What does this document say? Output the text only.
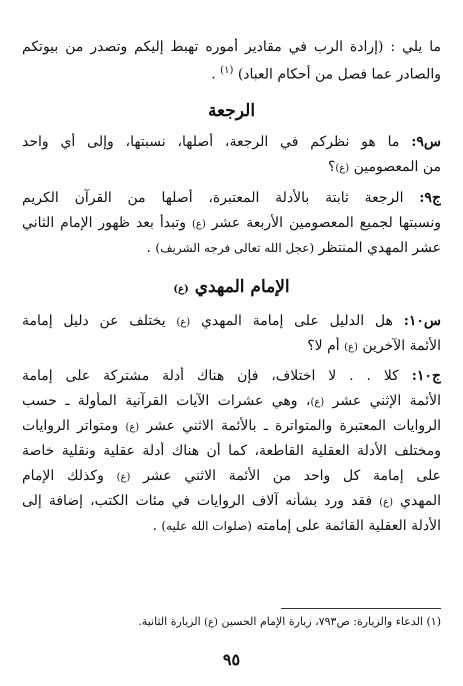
ما يلي : (إرادة الرب في مقادير أموره تهبط إليكم وتصدر من بيوتكم
والصادر عما فصل من أحكام العباد) $^{(١)}$ .
الرجعة
س٩: ما هو نظركم في الرجعة، أصلها، نسبتها، وإلى أي واحد
من المعصومين (ع)؟
ج٩: الرجعة ثابتة بالأدلة المعتبرة، أصلها من القرآن الكريم
ونسبتها لجميع المعصومين الأربعة عشر (ع) وتبدأ بعد ظهور الإمام الثاني
عشر المهدي المنتظر (عجل الله تعالى فرجه الشريف) .
الإمام المهدي (ع)
س١٠: هل الدليل على إمامة المهدي (ع) يختلف عن دليل إمامة
الأئمة الآخرين (ع) أم لا؟
ج١٠: كلا . . لا اختلاف، فإن هناك أدلة مشتركة على إمامة
الأئمة الإثني عشر (ع)، وهي عشرات الآيات القرآنية المأولة ـ حسب
الروايات المعتبرة والمتواترة ـ بالأئمة الاثني عشر (ع) ومتواتر الروايات
ومختلف الأدلة العقلية القاطعة، كما أن هناك أدلة عقلية ونقلية خاصة
على إمامة كل واحد من الأئمة الاثني عشر (ع) وكذلك الإمام
المهدي (ع) فقد ورد بشأنه آلاف الروايات في مئات الكتب، إضافة إلى
الأدلة العقلية القائمة على إمامته (صلوات الله عليه) .
(١) الدعاء والزيارة: ص٧٩٣، زيارة الإمام الحسين (ع) الزيارة الثانية.
٩٥
